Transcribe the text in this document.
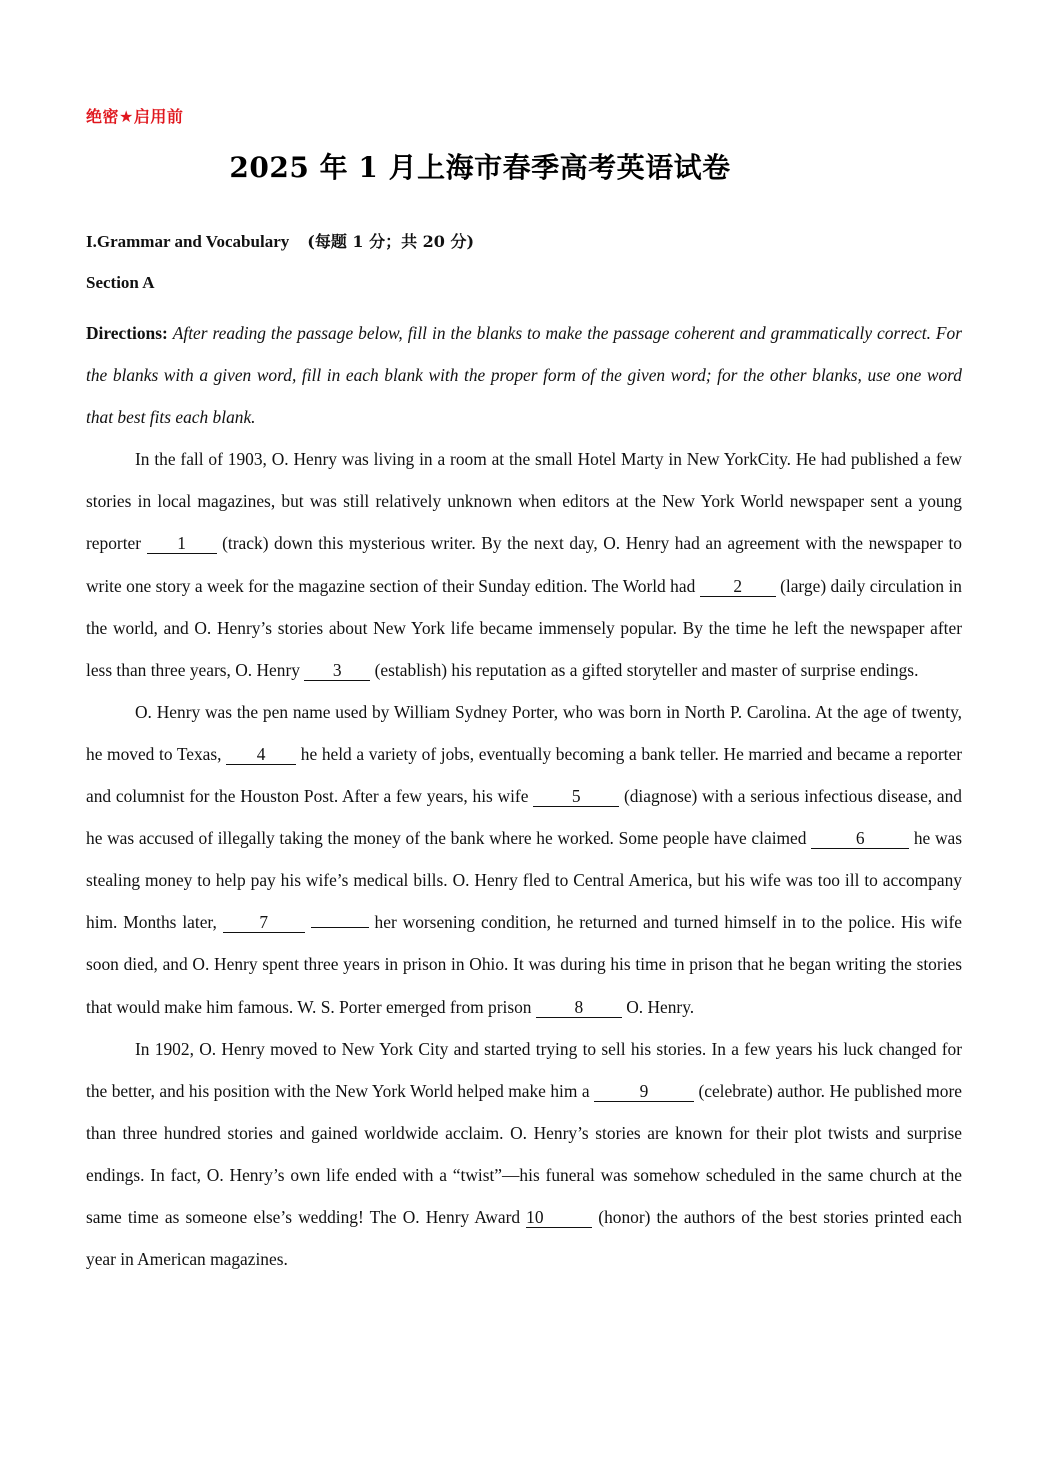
绝密★启用前
2025 年 1 月上海市春季高考英语试卷
I.Grammar and Vocabulary (每题 1 分；共 20 分)
Section A

Directions: After reading the passage below, fill in the blanks to make the passage coherent and grammatically correct. For the blanks with a given word, fill in each blank with the proper form of the given word; for the other blanks, use one word that best fits each blank.

In the fall of 1903, O. Henry was living in a room at the small Hotel Marty in New YorkCity. He had published a few stories in local magazines, but was still relatively unknown when editors at the New York World newspaper sent a young reporter 1 (track) down this mysterious writer. By the next day, O. Henry had an agreement with the newspaper to write one story a week for the magazine section of their Sunday edition. The World had 2 (large) daily circulation in the world, and O. Henry’s stories about New York life became immensely popular. By the time he left the newspaper after less than three years, O. Henry 3 (establish) his reputation as a gifted storyteller and master of surprise endings.

O. Henry was the pen name used by William Sydney Porter, who was born in North P. Carolina. At the age of twenty, he moved to Texas, 4 he held a variety of jobs, eventually becoming a bank teller. He married and became a reporter and columnist for the Houston Post. After a few years, his wife 5 (diagnose) with a serious infectious disease, and he was accused of illegally taking the money of the bank where he worked. Some people have claimed	6	he was stealing money to help pay his wife’s medical bills. O. Henry fled to Central America, but his wife was too ill to accompany him. Months later, 7	her worsening condition, he returned and turned himself in to the police. His wife soon died, and O. Henry spent three years in prison in Ohio. It was during his time in prison that he began writing the stories that would make him famous. W. S. Porter emerged from prison 8 O. Henry.

In 1902, O. Henry moved to New York City and started trying to sell his stories. In a few years his luck changed for the better, and his position with the New York World helped make him a	9	(celebrate) author. He published more than three hundred stories and gained worldwide acclaim. O. Henry’s stories are known for their plot twists and surprise endings. In fact, O. Henry’s own life ended with a “twist”—his funeral was somehow scheduled in the same church at the same time as someone else’s wedding! The O. Henry Award 10	(honor) the authors of the best stories printed each year in American magazines.
